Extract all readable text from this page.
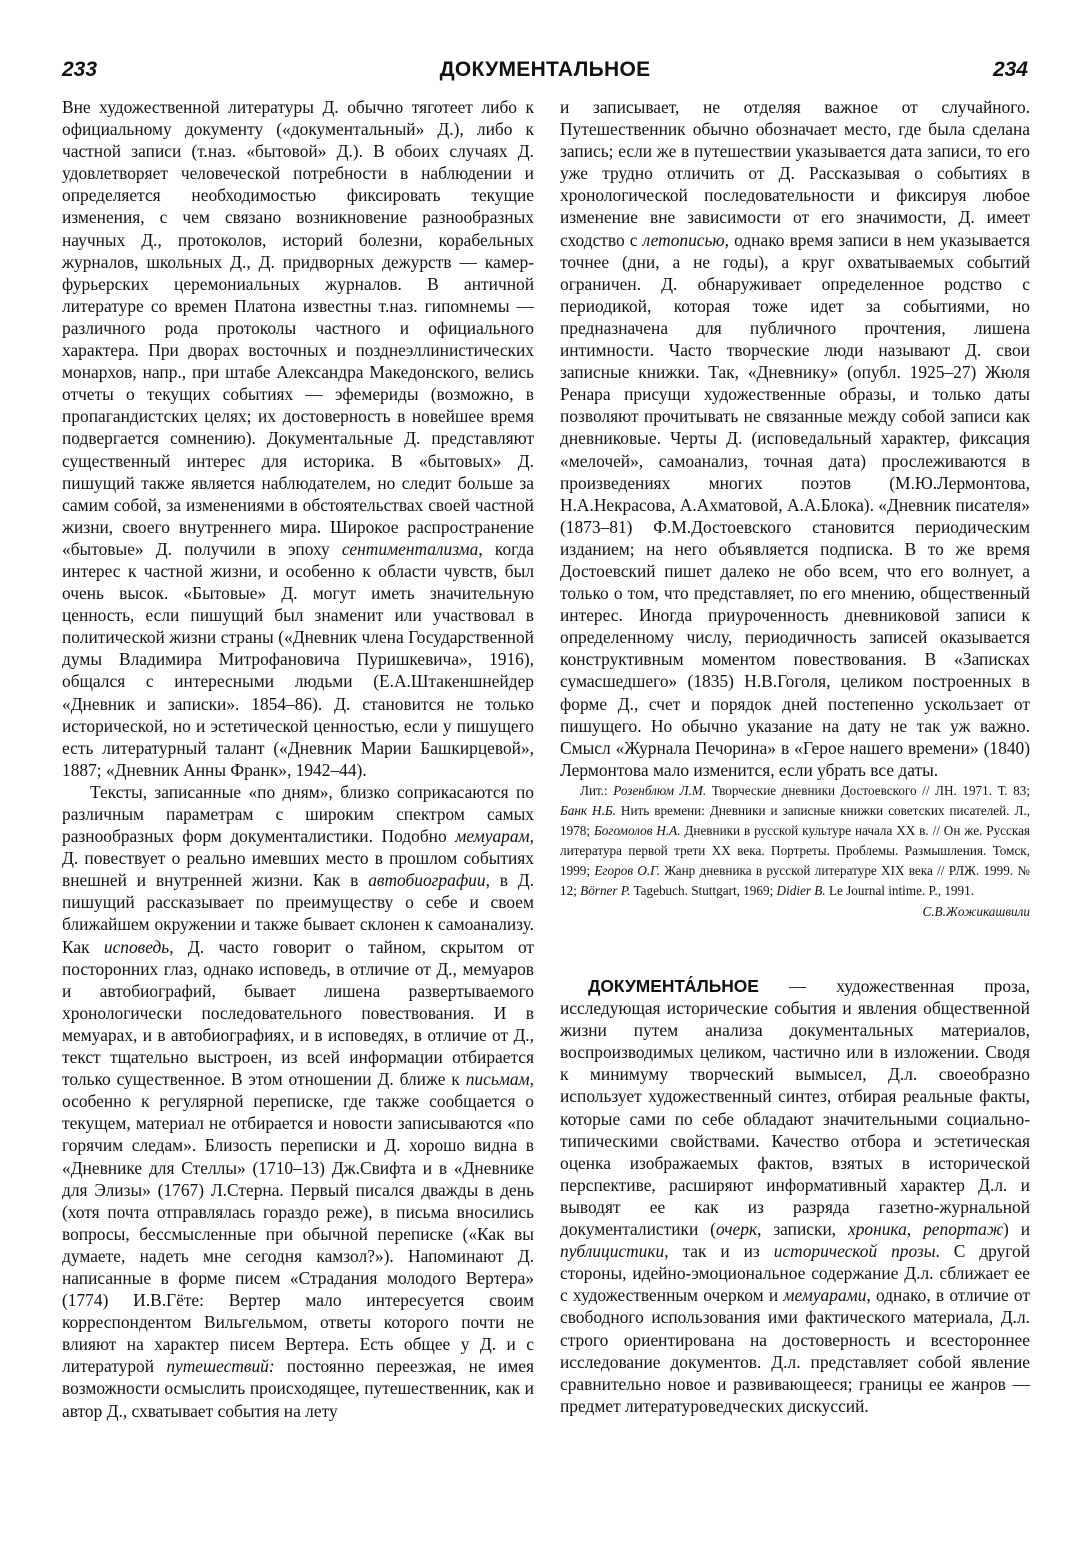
233	ДОКУМЕНТАЛЬНОЕ	234

Вне художественной литературы Д. обычно тяготеет либо к официальному документу («документальный» Д.), либо к частной записи (т.наз. «бытовой» Д.). В обоих случаях Д. удовлетворяет человеческой потребности в наблюдении и определяется необходимостью фиксировать текущие изменения, с чем связано возникновение разнообразных научных Д., протоколов, историй болезни, корабельных журналов, школьных Д., Д. придворных дежурств — камер-фурьерских церемониальных журналов. В античной литературе со времен Платона известны т.наз. гипомнемы — различного рода протоколы частного и официального характера. При дворах восточных и позднеэллинистических монархов, напр., при штабе Александра Македонского, велись отчеты о текущих событиях — эфемериды (возможно, в пропагандистских целях; их достоверность в новейшее время подвергается сомнению). Документальные Д. представляют существенный интерес для историка. В «бытовых» Д. пишущий также является наблюдателем, но следит больше за самим собой, за изменениями в обстоятельствах своей частной жизни, своего внутреннего мира. Широкое распространение «бытовые» Д. получили в эпоху сентиментализма, когда интерес к частной жизни, и особенно к области чувств, был очень высок. «Бытовые» Д. могут иметь значительную ценность, если пишущий был знаменит или участвовал в политической жизни страны («Дневник члена Государственной думы Владимира Митрофановича Пуришкевича», 1916), общался с интересными людьми (Е.А.Штакеншнейдер «Дневник и записки». 1854–86). Д. становится не только исторической, но и эстетической ценностью, если у пишущего есть литературный талант («Дневник Марии Башкирцевой», 1887; «Дневник Анны Франк», 1942–44).

Тексты, записанные «по дням», близко соприкасаются по различным параметрам с широким спектром самых разнообразных форм документалистики. Подобно мемуарам, Д. повествует о реально имевших место в прошлом событиях внешней и внутренней жизни. Как в автобиографии, в Д. пишущий рассказывает по преимуществу о себе и своем ближайшем окружении и также бывает склонен к самоанализу. Как исповедь, Д. часто говорит о тайном, скрытом от посторонних глаз, однако исповедь, в отличие от Д., мемуаров и автобиографий, бывает лишена развертываемого хронологически последовательного повествования. И в мемуарах, и в автобиографиях, и в исповедях, в отличие от Д., текст тщательно выстроен, из всей информации отбирается только существенное. В этом отношении Д. ближе к письмам, особенно к регулярной переписке, где также сообщается о текущем, материал не отбирается и новости записываются «по горячим следам». Близость переписки и Д. хорошо видна в «Дневнике для Стеллы» (1710–13) Дж.Свифта и в «Дневнике для Элизы» (1767) Л.Стерна. Первый писался дважды в день (хотя почта отправлялась гораздо реже), в письма вносились вопросы, бессмысленные при обычной переписке («Как вы думаете, надеть мне сегодня камзол?»). Напоминают Д. написанные в форме писем «Страдания молодого Вертера» (1774) И.В.Гёте: Вертер мало интересуется своим корреспондентом Вильгельмом, ответы которого почти не влияют на характер писем Вертера. Есть общее у Д. и с литературой путешествий: постоянно переезжая, не имея возможности осмыслить происходящее, путешественник, как и автор Д., схватывает события на лету

и записывает, не отделяя важное от случайного. Путешественник обычно обозначает место, где была сделана запись; если же в путешествии указывается дата записи, то его уже трудно отличить от Д. Рассказывая о событиях в хронологической последовательности и фиксируя любое изменение вне зависимости от его значимости, Д. имеет сходство с летописью, однако время записи в нем указывается точнее (дни, а не годы), а круг охватываемых событий ограничен. Д. обнаруживает определенное родство с периодикой, которая тоже идет за событиями, но предназначена для публичного прочтения, лишена интимности. Часто творческие люди называют Д. свои записные книжки. Так, «Дневнику» (опубл. 1925–27) Жюля Ренара присущи художественные образы, и только даты позволяют прочитывать не связанные между собой записи как дневниковые. Черты Д. (исповедальный характер, фиксация «мелочей», самоанализ, точная дата) прослеживаются в произведениях многих поэтов (М.Ю.Лермонтова, Н.А.Некрасова, А.Ахматовой, А.А.Блока). «Дневник писателя» (1873–81) Ф.М.Достоевского становится периодическим изданием; на него объявляется подписка. В то же время Достоевский пишет далеко не обо всем, что его волнует, а только о том, что представляет, по его мнению, общественный интерес. Иногда приуроченность дневниковой записи к определенному числу, периодичность записей оказывается конструктивным моментом повествования. В «Записках сумасшедшего» (1835) Н.В.Гоголя, целиком построенных в форме Д., счет и порядок дней постепенно ускользает от пишущего. Но обычно указание на дату не так уж важно. Смысл «Журнала Печорина» в «Герое нашего времени» (1840) Лермонтова мало изменится, если убрать все даты.

Лит.: Розенблюм Л.М. Творческие дневники Достоевского // ЛН. 1971. Т. 83; Банк Н.Б. Нить времени: Дневники и записные книжки советских писателей. Л., 1978; Богомолов Н.А. Дневники в русской культуре начала XX в. // Он же. Русская литература первой трети XX века. Портреты. Проблемы. Размышления. Томск, 1999; Егоров О.Г. Жанр дневника в русской литературе XIX века // РЛЖ. 1999. № 12; Börner P. Tagebuch. Stuttgart, 1969; Didier B. Le Journal intime. P., 1991.

С.В.Жожикашвили

ДОКУМЕНТА́ЛЬНОЕ — художественная проза, исследующая исторические события и явления общественной жизни путем анализа документальных материалов, воспроизводимых целиком, частично или в изложении. Сводя к минимуму творческий вымысел, Д.л. своеобразно использует художественный синтез, отбирая реальные факты, которые сами по себе обладают значительными социально-типическими свойствами. Качество отбора и эстетическая оценка изображаемых фактов, взятых в исторической перспективе, расширяют информативный характер Д.л. и выводят ее как из разряда газетно-журнальной документалистики (очерк, записки, хроника, репортаж) и публицистики, так и из исторической прозы. С другой стороны, идейно-эмоциональное содержание Д.л. сближает ее с художественным очерком и мемуарами, однако, в отличие от свободного использования ими фактического материала, Д.л. строго ориентирована на достоверность и всестороннее исследование документов. Д.л. представляет собой явление сравнительно новое и развивающееся; границы ее жанров — предмет литературоведческих дискуссий.
